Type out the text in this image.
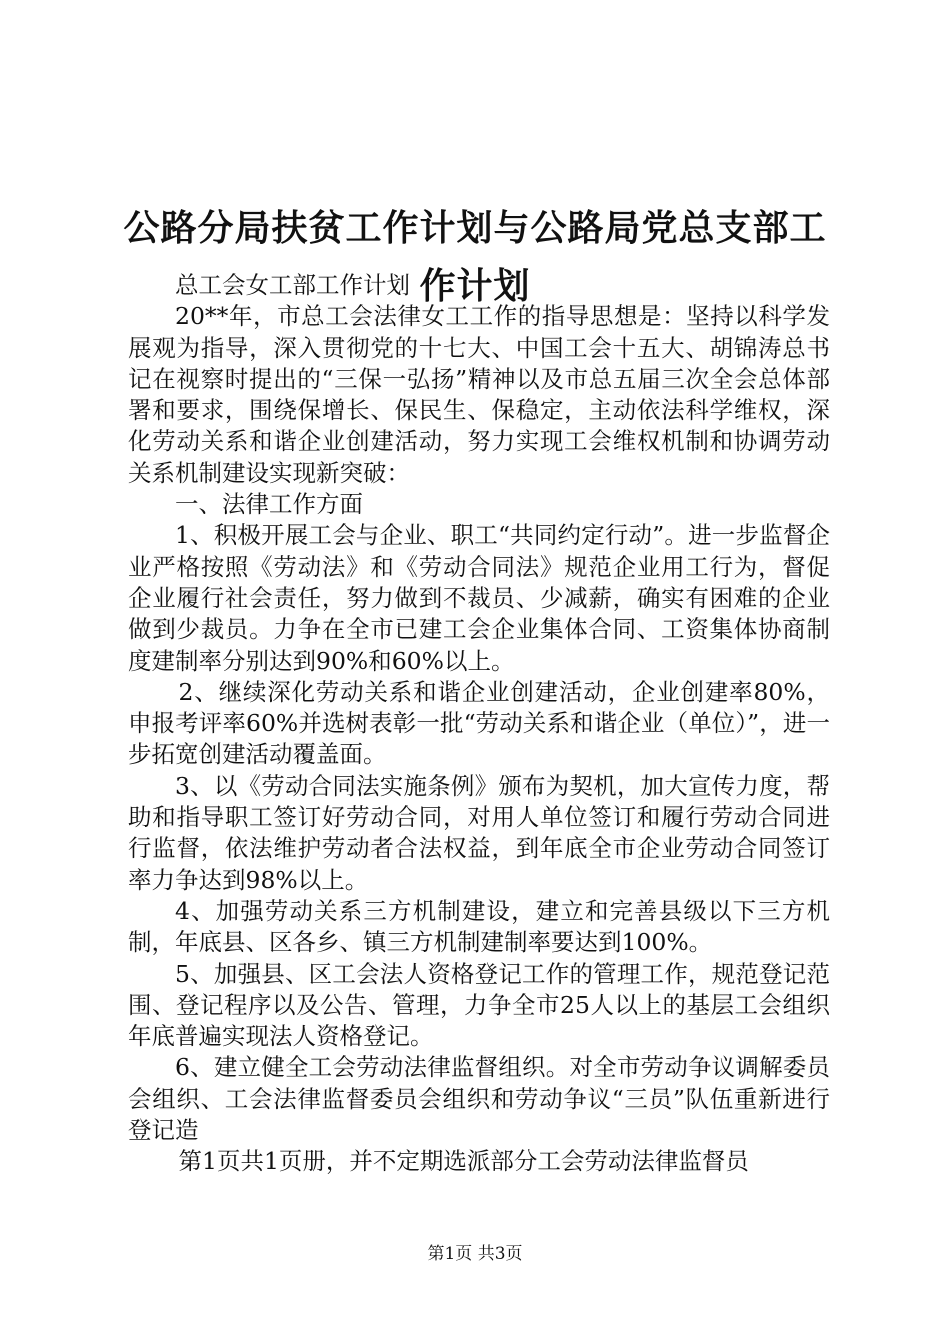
公路分局扶贫工作计划与公路局党总支部工作计划

总工会女工部工作计划

20**年，市总工会法律女工工作的指导思想是：坚持以科学发展观为指导，深入贯彻党的十七大、中国工会十五大、胡锦涛总书记在视察时提出的“三保一弘扬”精神以及市总五届三次全会总体部署和要求，围绕保增长、保民生、保稳定，主动依法科学维权，深化劳动关系和谐企业创建活动，努力实现工会维权机制和协调劳动关系机制建设实现新突破：

一、法律工作方面

1、积极开展工会与企业、职工“共同约定行动”。进一步监督企业严格按照《劳动法》和《劳动合同法》规范企业用工行为，督促企业履行社会责任，努力做到不裁员、少减薪，确实有困难的企业做到少裁员。力争在全市已建工会企业集体合同、工资集体协商制度建制率分别达到90%和60%以上。

2、继续深化劳动关系和谐企业创建活动，企业创建率80%，申报考评率60%并选树表彰一批“劳动关系和谐企业（单位）”，进一步拓宽创建活动覆盖面。

3、以《劳动合同法实施条例》颁布为契机，加大宣传力度，帮助和指导职工签订好劳动合同，对用人单位签订和履行劳动合同进行监督，依法维护劳动者合法权益，到年底全市企业劳动合同签订率力争达到98%以上。

4、加强劳动关系三方机制建设，建立和完善县级以下三方机制，年底县、区各乡、镇三方机制建制率要达到100%。

5、加强县、区工会法人资格登记工作的管理工作，规范登记范围、登记程序以及公告、管理，力争全市25人以上的基层工会组织年底普遍实现法人资格登记。

6、建立健全工会劳动法律监督组织。对全市劳动争议调解委员会组织、工会法律监督委员会组织和劳动争议“三员”队伍重新进行登记造

第1页共1页册，并不定期选派部分工会劳动法律监督员

第1页 共3页
